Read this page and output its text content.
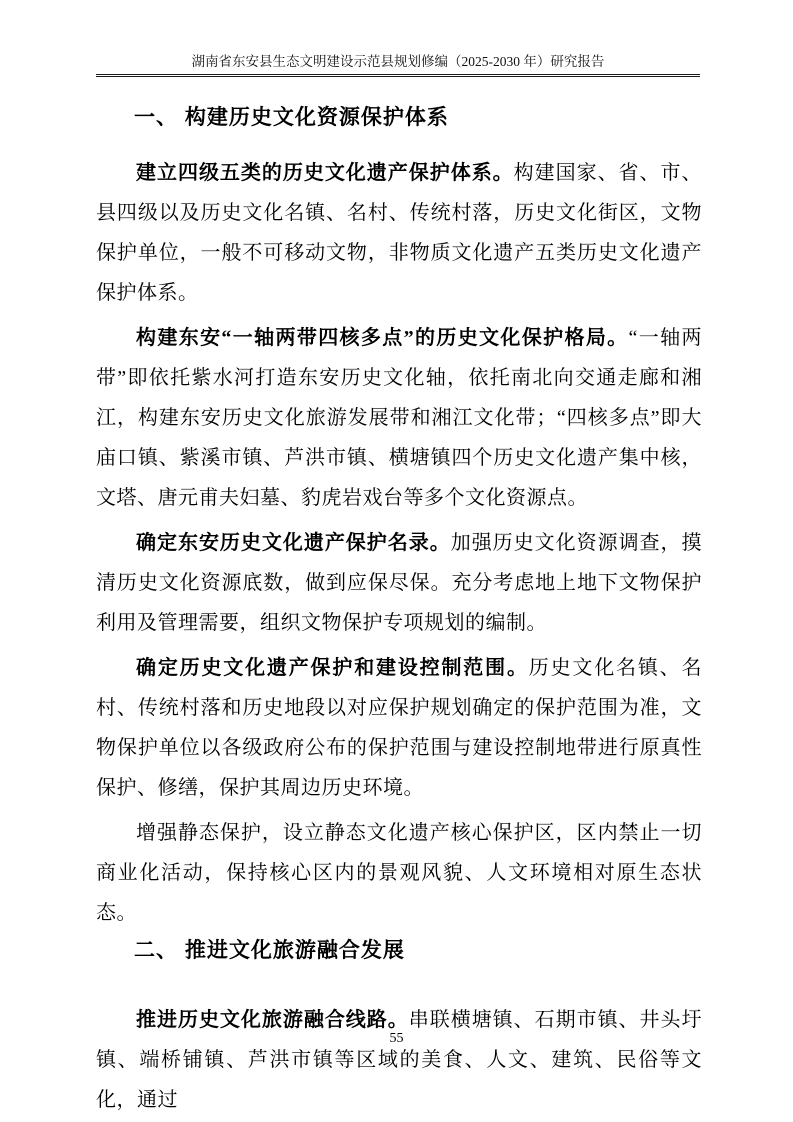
湖南省东安县生态文明建设示范县规划修编（2025-2030 年）研究报告
一、 构建历史文化资源保护体系

建立四级五类的历史文化遗产保护体系。构建国家、省、市、县四级以及历史文化名镇、名村、传统村落，历史文化街区，文物保护单位，一般不可移动文物，非物质文化遗产五类历史文化遗产保护体系。

构建东安“一轴两带四核多点”的历史文化保护格局。“一轴两带”即依托紫水河打造东安历史文化轴，依托南北向交通走廊和湘江，构建东安历史文化旅游发展带和湘江文化带；“四核多点”即大庙口镇、紫溪市镇、芦洪市镇、横塘镇四个历史文化遗产集中核，文塔、唐元甫夫妇墓、豹虎岩戏台等多个文化资源点。

确定东安历史文化遗产保护名录。加强历史文化资源调查，摸清历史文化资源底数，做到应保尽保。充分考虑地上地下文物保护利用及管理需要，组织文物保护专项规划的编制。

确定历史文化遗产保护和建设控制范围。历史文化名镇、名村、传统村落和历史地段以对应保护规划确定的保护范围为准，文物保护单位以各级政府公布的保护范围与建设控制地带进行原真性保护、修缮，保护其周边历史环境。

增强静态保护，设立静态文化遗产核心保护区，区内禁止一切商业化活动，保持核心区内的景观风貌、人文环境相对原生态状态。

二、 推进文化旅游融合发展

推进历史文化旅游融合线路。串联横塘镇、石期市镇、井头圩镇、端桥铺镇、芦洪市镇等区域的美食、人文、建筑、民俗等文化，通过

55
